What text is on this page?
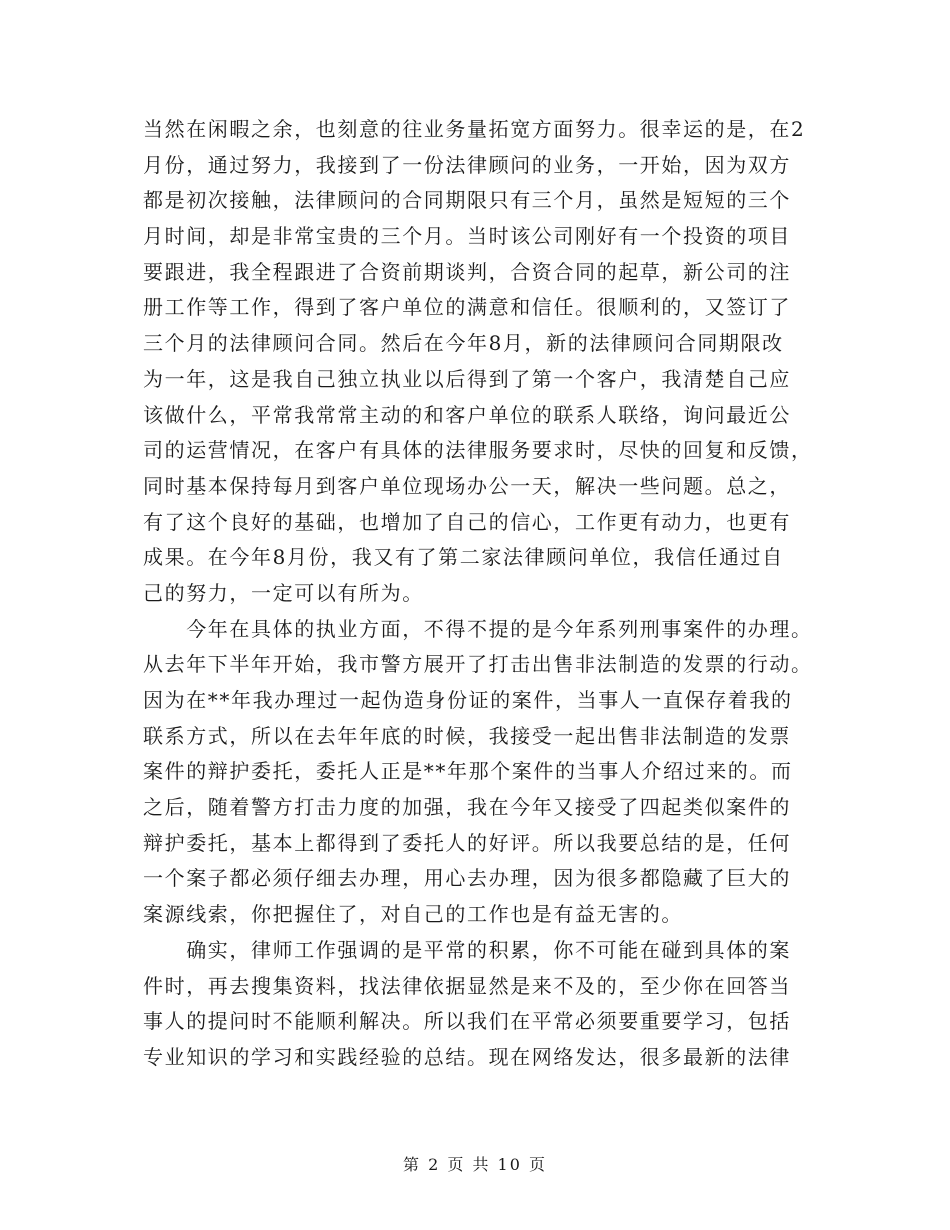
当然在闲暇之余，也刻意的往业务量拓宽方面努力。很幸运的是，在2
月份，通过努力，我接到了一份法律顾问的业务，一开始，因为双方
都是初次接触，法律顾问的合同期限只有三个月，虽然是短短的三个
月时间，却是非常宝贵的三个月。当时该公司刚好有一个投资的项目
要跟进，我全程跟进了合资前期谈判，合资合同的起草，新公司的注
册工作等工作，得到了客户单位的满意和信任。很顺利的，又签订了
三个月的法律顾问合同。然后在今年8月，新的法律顾问合同期限改
为一年，这是我自己独立执业以后得到了第一个客户，我清楚自己应
该做什么，平常我常常主动的和客户单位的联系人联络，询问最近公
司的运营情况，在客户有具体的法律服务要求时，尽快的回复和反馈，
同时基本保持每月到客户单位现场办公一天，解决一些问题。总之，
有了这个良好的基础，也增加了自己的信心，工作更有动力，也更有
成果。在今年8月份，我又有了第二家法律顾问单位，我信任通过自
己的努力，一定可以有所为。
　　今年在具体的执业方面，不得不提的是今年系列刑事案件的办理。
从去年下半年开始，我市警方展开了打击出售非法制造的发票的行动。
因为在**年我办理过一起伪造身份证的案件，当事人一直保存着我的
联系方式，所以在去年年底的时候，我接受一起出售非法制造的发票
案件的辩护委托，委托人正是**年那个案件的当事人介绍过来的。而
之后，随着警方打击力度的加强，我在今年又接受了四起类似案件的
辩护委托，基本上都得到了委托人的好评。所以我要总结的是，任何
一个案子都必须仔细去办理，用心去办理，因为很多都隐藏了巨大的
案源线索，你把握住了，对自己的工作也是有益无害的。
　　确实，律师工作强调的是平常的积累，你不可能在碰到具体的案
件时，再去搜集资料，找法律依据显然是来不及的，至少你在回答当
事人的提问时不能顺利解决。所以我们在平常必须要重要学习，包括
专业知识的学习和实践经验的总结。现在网络发达，很多最新的法律
第 2 页 共 10 页
